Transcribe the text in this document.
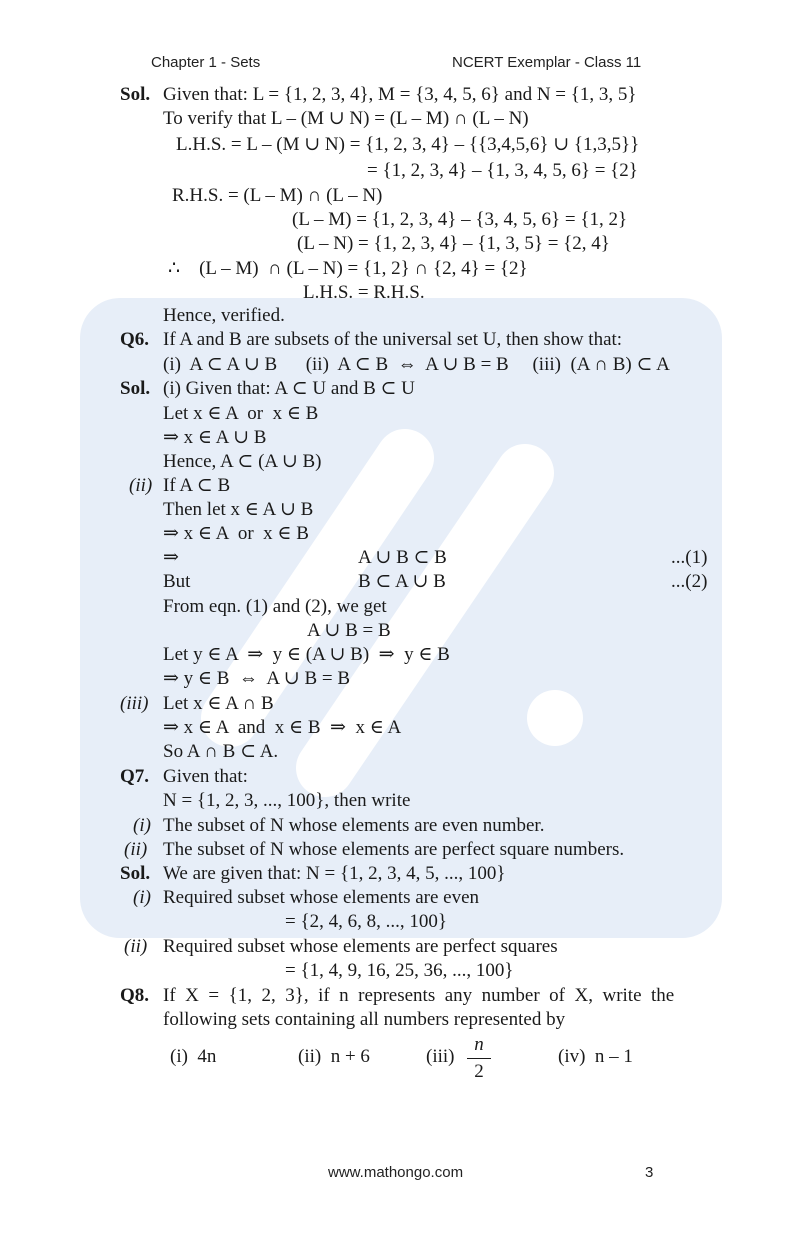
Chapter 1 - Sets	NCERT Exemplar - Class 11
Sol. Given that: L = {1, 2, 3, 4}, M = {3, 4, 5, 6} and N = {1, 3, 5}
To verify that L – (M ∪ N) = (L – M) ∩ (L – N)
L.H.S. = L – (M ∪ N) = {1, 2, 3, 4} – {{3,4,5,6} ∪ {1,3,5}}
= {1, 2, 3, 4} – {1, 3, 4, 5, 6} = {2}
R.H.S. = (L – M) ∩ (L – N)
(L – M) = {1, 2, 3, 4} – {3, 4, 5, 6} = {1, 2}
(L – N) = {1, 2, 3, 4} – {1, 3, 5} = {2, 4}
∴    (L – M)  ∩ (L – N) = {1, 2} ∩ {2, 4} = {2}
L.H.S. = R.H.S.
Hence, verified.
Q6. If A and B are subsets of the universal set U, then show that:
(i)  A ⊂ A ∪ B      (ii)  A ⊂ B  ⇔  A ∪ B = B     (iii)  (A ∩ B) ⊂ A
Sol. (i) Given that: A ⊂ U and B ⊂ U
Let x ∈ A  or  x ∈ B
⇒ x ∈ A ∪ B
Hence, A ⊂ (A ∪ B)
(ii) If A ⊂ B
Then let x ∈ A ∪ B
⇒ x ∈ A  or  x ∈ B
⇒	A ∪ B ⊂ B	...(1)
But	B ⊂ A ∪ B	...(2)
From eqn. (1) and (2), we get
A ∪ B = B
Let y ∈ A  ⇒  y ∈ (A ∪ B)  ⇒  y ∈ B
⇒ y ∈ B  ⇔  A ∪ B = B
(iii) Let x ∈ A ∩ B
⇒ x ∈ A  and  x ∈ B  ⇒  x ∈ A
So A ∩ B ⊂ A.
Q7. Given that:
N = {1, 2, 3, ..., 100}, then write
(i) The subset of N whose elements are even number.
(ii) The subset of N whose elements are perfect square numbers.
Sol. We are given that: N = {1, 2, 3, 4, 5, ..., 100}
(i) Required subset whose elements are even
= {2, 4, 6, 8, ..., 100}
(ii) Required subset whose elements are perfect squares
= {1, 4, 9, 16, 25, 36, ..., 100}
Q8. If  X  =  {1,  2,  3},  if  n  represents  any  number  of  X,  write  the
following sets containing all numbers represented by
(i)  4n	(ii)  n + 6	(iii)
n
2
(iv)  n – 1
www.mathongo.com	3
